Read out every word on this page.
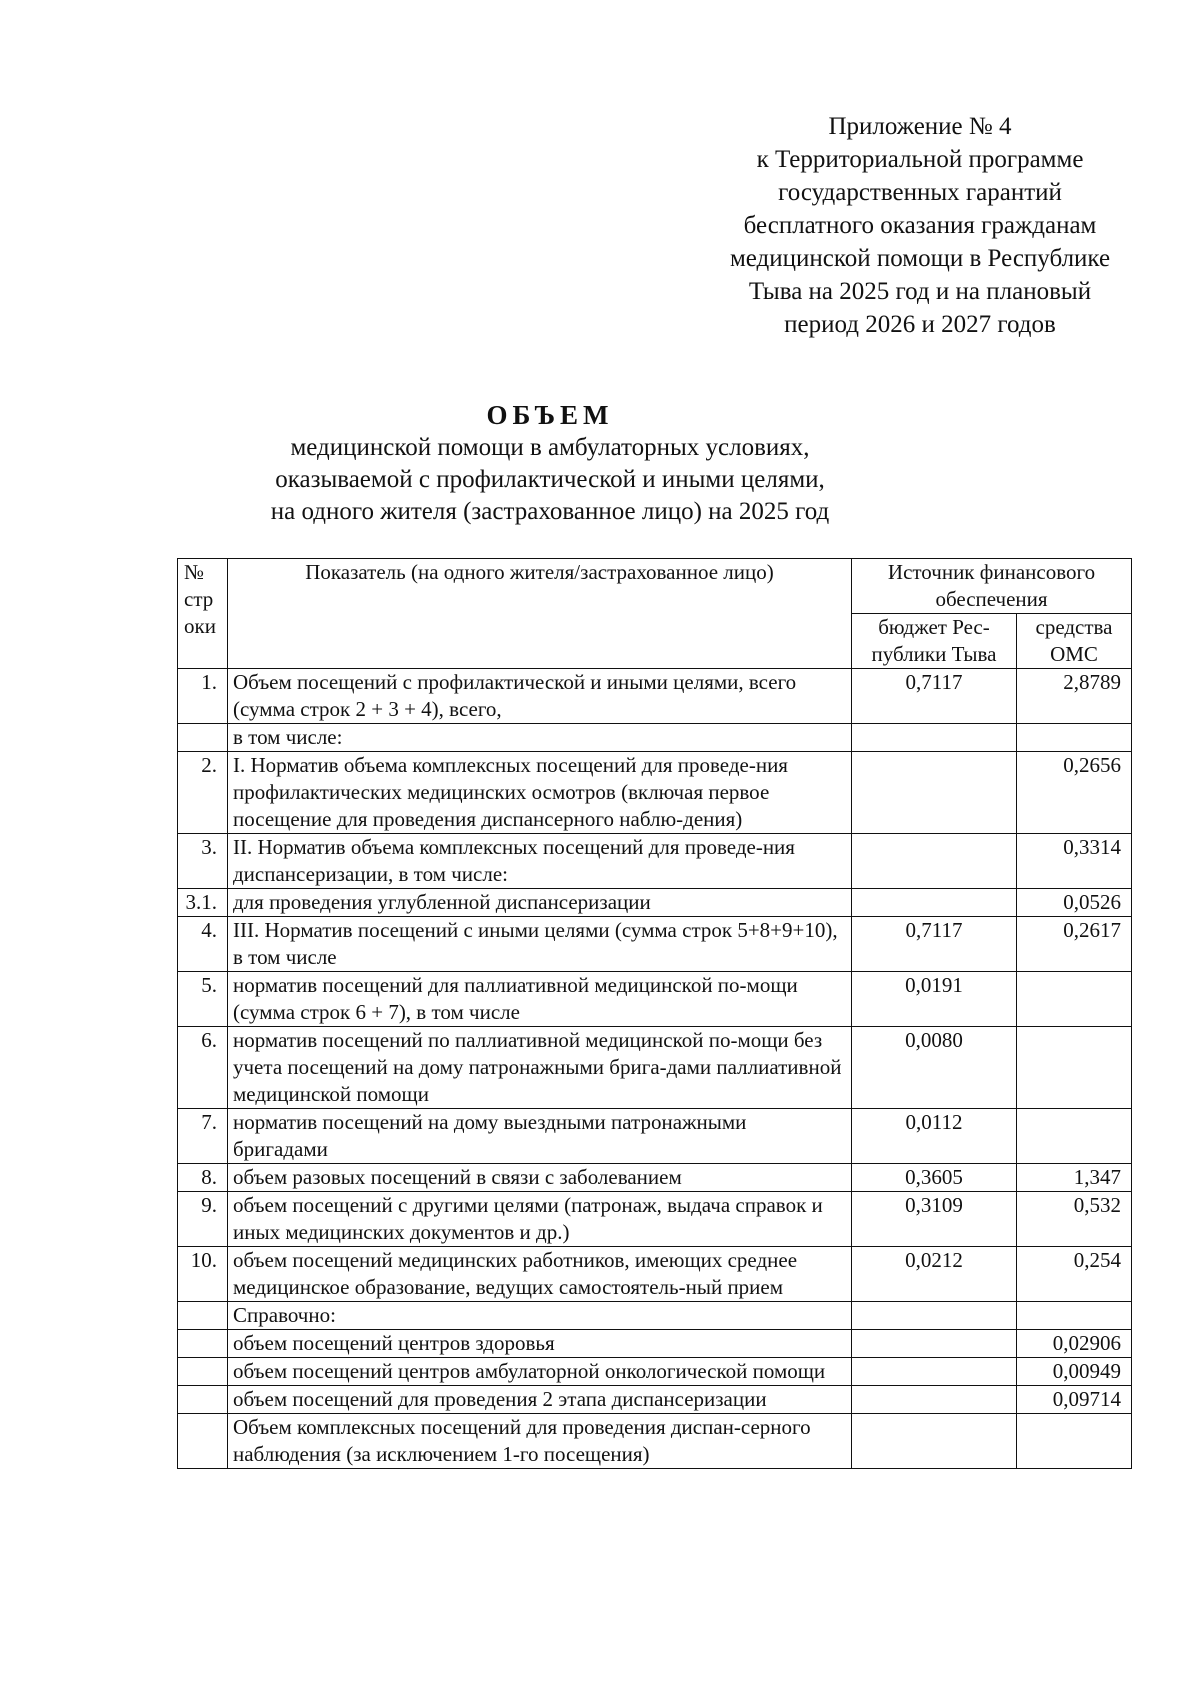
Приложение № 4
к Территориальной программе
государственных гарантий
бесплатного оказания гражданам
медицинской помощи в Республике
Тыва на 2025 год и на плановый
период 2026 и 2027 годов
ОБЪЕМ
медицинской помощи в амбулаторных условиях,
оказываемой с профилактической и иными целями,
на одного жителя (застрахованное лицо) на 2025 год
№ стр оки	Показатель (на одного жителя/застрахованное лицо)	Источник финансового обеспечения	
		бюджет Рес-публики Тыва	средства ОМС
1.	Объем посещений с профилактической и иными целями, всего (сумма строк 2 + 3 + 4), всего,	0,7117	2,8789
	в том числе:		
2.	I. Норматив объема комплексных посещений для проведе-ния профилактических медицинских осмотров (включая первое посещение для проведения диспансерного наблю-дения)		0,2656
3.	II. Норматив объема комплексных посещений для проведе-ния диспансеризации, в том числе:		0,3314
3.1.	для проведения углубленной диспансеризации		0,0526
4.	III. Норматив посещений с иными целями (сумма строк 5+8+9+10), в том числе	0,7117	0,2617
5.	норматив посещений для паллиативной медицинской по-мощи (сумма строк 6 + 7), в том числе	0,0191	
6.	норматив посещений по паллиативной медицинской по-мощи без учета посещений на дому патронажными брига-дами паллиативной медицинской помощи	0,0080	
7.	норматив посещений на дому выездными патронажными бригадами	0,0112	
8.	объем разовых посещений в связи с заболеванием	0,3605	1,347
9.	объем посещений с другими целями (патронаж, выдача справок и иных медицинских документов и др.)	0,3109	0,532
10.	объем посещений медицинских работников, имеющих среднее медицинское образование, ведущих самостоятель-ный прием	0,0212	0,254
	Справочно:		
	объем посещений центров здоровья		0,02906
	объем посещений центров амбулаторной онкологической помощи		0,00949
	объем посещений для проведения 2 этапа диспансеризации		0,09714
	Объем комплексных посещений для проведения диспан-серного наблюдения (за исключением 1-го посещения)		
